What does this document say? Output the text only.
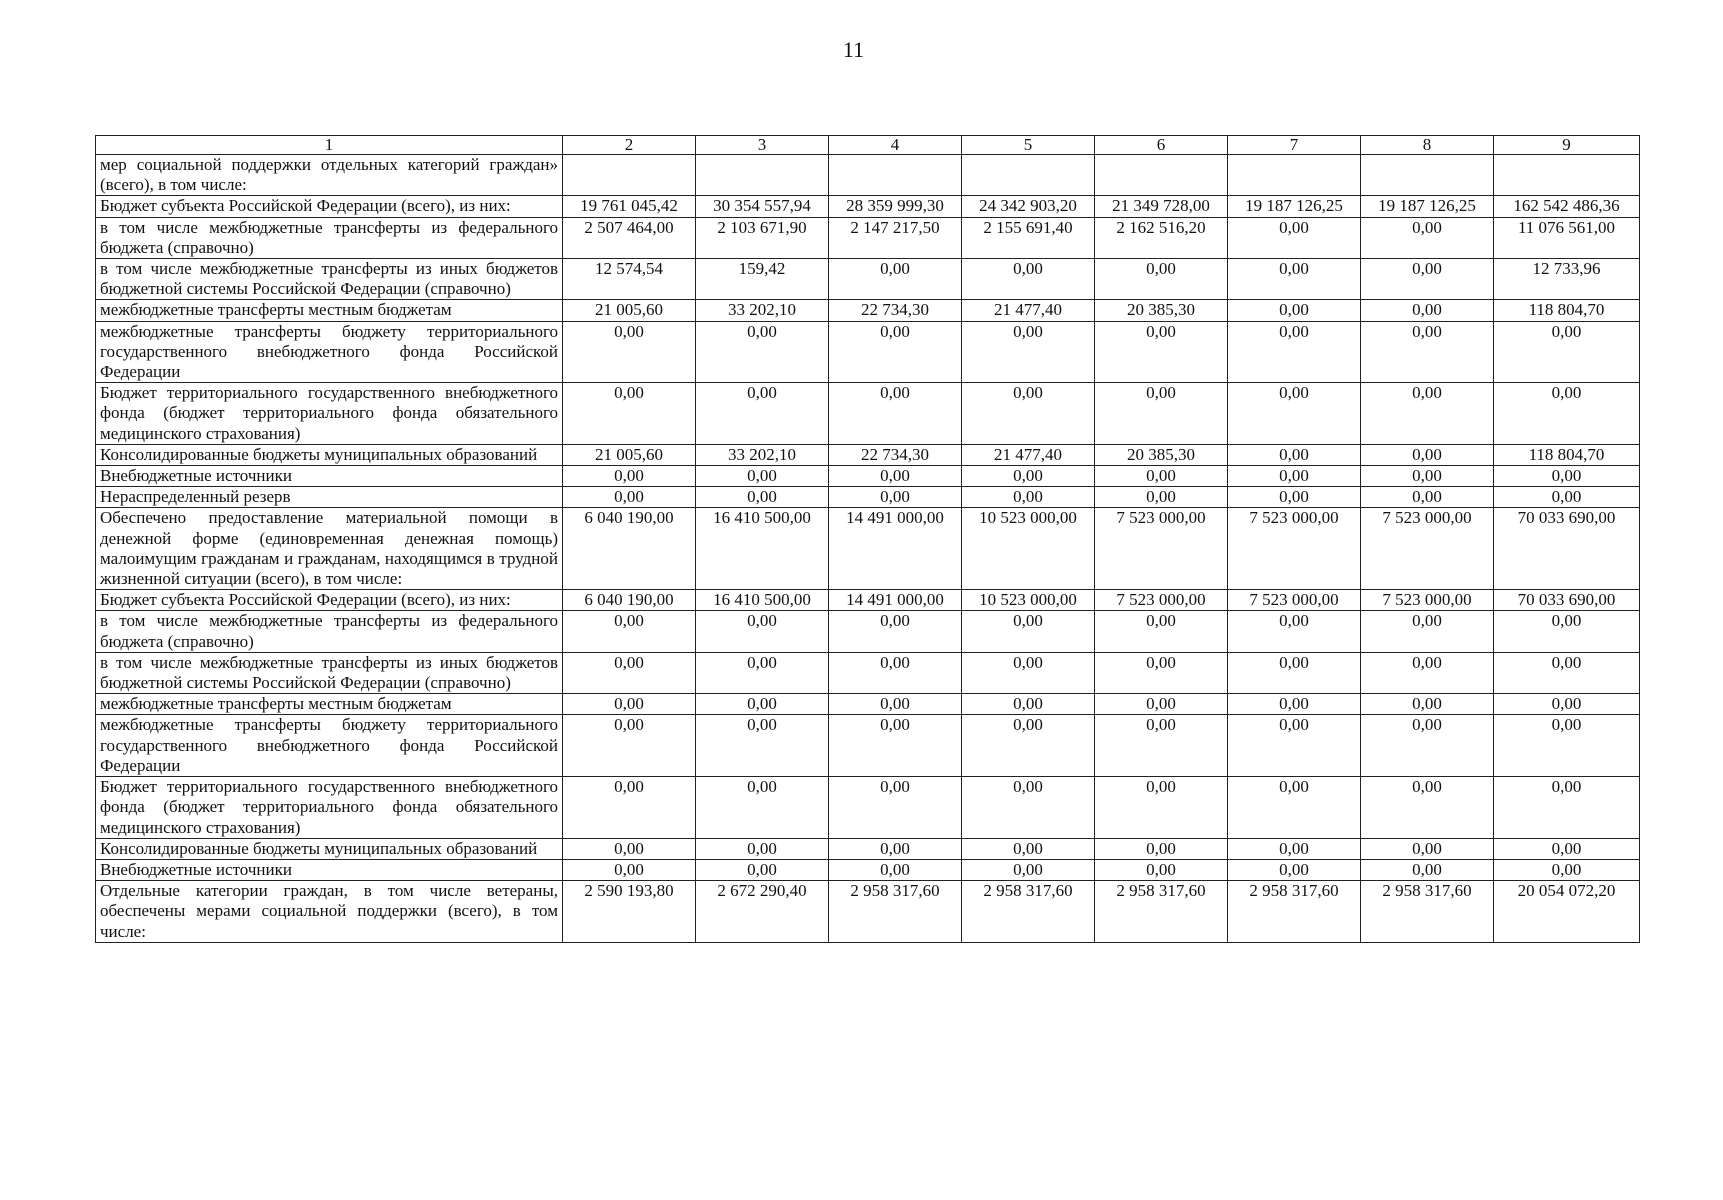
11
1	2	3	4	5	6	7	8	9
мер социальной поддержки отдельных категорий граждан» (всего), в том числе:								
Бюджет субъекта Российской Федерации (всего), из них:	19 761 045,42	30 354 557,94	28 359 999,30	24 342 903,20	21 349 728,00	19 187 126,25	19 187 126,25	162 542 486,36
в том числе межбюджетные трансферты из федерального бюджета (справочно)	2 507 464,00	2 103 671,90	2 147 217,50	2 155 691,40	2 162 516,20	0,00	0,00	11 076 561,00
в том числе межбюджетные трансферты из иных бюджетов бюджетной системы Российской Федерации (справочно)	12 574,54	159,42	0,00	0,00	0,00	0,00	0,00	12 733,96
межбюджетные трансферты местным бюджетам	21 005,60	33 202,10	22 734,30	21 477,40	20 385,30	0,00	0,00	118 804,70
межбюджетные трансферты бюджету территориального государственного внебюджетного фонда Российской Федерации	0,00	0,00	0,00	0,00	0,00	0,00	0,00	0,00
Бюджет территориального государственного внебюджетного фонда (бюджет территориального фонда обязательного медицинского страхования)	0,00	0,00	0,00	0,00	0,00	0,00	0,00	0,00
Консолидированные бюджеты муниципальных образований	21 005,60	33 202,10	22 734,30	21 477,40	20 385,30	0,00	0,00	118 804,70
Внебюджетные источники	0,00	0,00	0,00	0,00	0,00	0,00	0,00	0,00
Нераспределенный резерв	0,00	0,00	0,00	0,00	0,00	0,00	0,00	0,00
Обеспечено предоставление материальной помощи в денежной форме (единовременная денежная помощь) малоимущим гражданам и гражданам, находящимся в трудной жизненной ситуации (всего), в том числе:	6 040 190,00	16 410 500,00	14 491 000,00	10 523 000,00	7 523 000,00	7 523 000,00	7 523 000,00	70 033 690,00
Бюджет субъекта Российской Федерации (всего), из них:	6 040 190,00	16 410 500,00	14 491 000,00	10 523 000,00	7 523 000,00	7 523 000,00	7 523 000,00	70 033 690,00
в том числе межбюджетные трансферты из федерального бюджета (справочно)	0,00	0,00	0,00	0,00	0,00	0,00	0,00	0,00
в том числе межбюджетные трансферты из иных бюджетов бюджетной системы Российской Федерации (справочно)	0,00	0,00	0,00	0,00	0,00	0,00	0,00	0,00
межбюджетные трансферты местным бюджетам	0,00	0,00	0,00	0,00	0,00	0,00	0,00	0,00
межбюджетные трансферты бюджету территориального государственного внебюджетного фонда Российской Федерации	0,00	0,00	0,00	0,00	0,00	0,00	0,00	0,00
Бюджет территориального государственного внебюджетного фонда (бюджет территориального фонда обязательного медицинского страхования)	0,00	0,00	0,00	0,00	0,00	0,00	0,00	0,00
Консолидированные бюджеты муниципальных образований	0,00	0,00	0,00	0,00	0,00	0,00	0,00	0,00
Внебюджетные источники	0,00	0,00	0,00	0,00	0,00	0,00	0,00	0,00
Отдельные категории граждан, в том числе ветераны, обеспечены мерами социальной поддержки (всего), в том числе:	2 590 193,80	2 672 290,40	2 958 317,60	2 958 317,60	2 958 317,60	2 958 317,60	2 958 317,60	20 054 072,20
